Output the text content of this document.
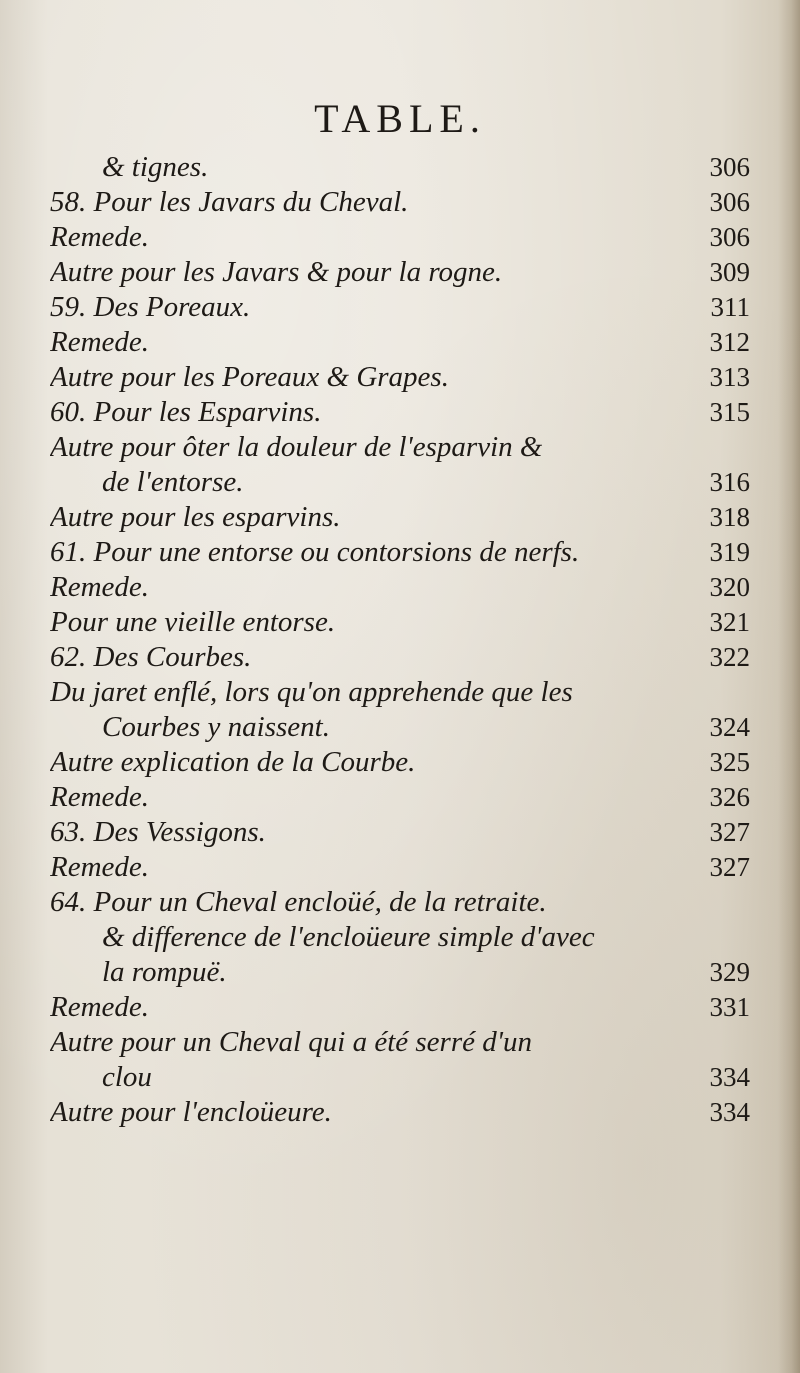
TABLE.
& tignes.	306
58. Pour les Javars du Cheval.	306
Remede.	306
Autre pour les Javars & pour la rogne.	309
59. Des Poreaux.	311
Remede.	312
Autre pour les Poreaux & Grapes.	313
60. Pour les Esparvins.	315
Autre pour ôter la douleur de l'esparvin &
de l'entorse.	316
Autre pour les esparvins.	318
61. Pour une entorse ou contorsions de nerfs.	319
Remede.	320
Pour une vieille entorse.	321
62. Des Courbes.	322
Du jaret enflé, lors qu'on apprehende que les
Courbes y naissent.	324
Autre explication de la Courbe.	325
Remede.	326
63. Des Vessigons.	327
Remede.	327
64. Pour un Cheval encloüé, de la retraite.
& difference de l'encloüeure simple d'avec
la rompuë.	329
Remede.	331
Autre pour un Cheval qui a été serré d'un
clou	334
Autre pour l'encloüeure.	334
